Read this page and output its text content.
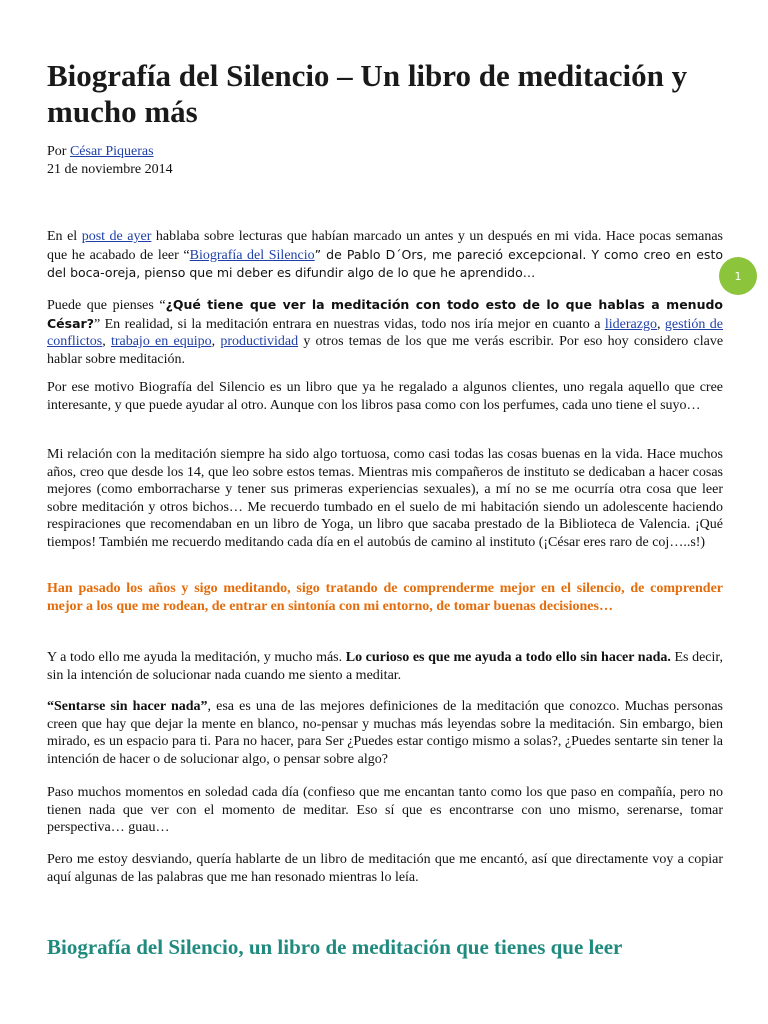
Biografía del Silencio – Un libro de meditación y mucho más
Por César Piqueras
21 de noviembre 2014
En el post de ayer hablaba sobre lecturas que habían marcado un antes y un después en mi vida. Hace pocas semanas que he acabado de leer “Biografía del Silencio” de Pablo D´Ors, me pareció excepcional. Y como creo en esto del boca-oreja, pienso que mi deber es difundir algo de lo que he aprendido…
Puede que pienses “¿Qué tiene que ver la meditación con todo esto de lo que hablas a menudo César?” En realidad, si la meditación entrara en nuestras vidas, todo nos iría mejor en cuanto a liderazgo, gestión de conflictos, trabajo en equipo, productividad y otros temas de los que me verás escribir. Por eso hoy considero clave hablar sobre meditación.
Por ese motivo Biografía del Silencio es un libro que ya he regalado a algunos clientes, uno regala aquello que cree interesante, y que puede ayudar al otro. Aunque con los libros pasa como con los perfumes, cada uno tiene el suyo…
Mi relación con la meditación siempre ha sido algo tortuosa, como casi todas las cosas buenas en la vida. Hace muchos años, creo que desde los 14, que leo sobre estos temas. Mientras mis compañeros de instituto se dedicaban a hacer cosas mejores (como emborracharse y tener sus primeras experiencias sexuales), a mí no se me ocurría otra cosa que leer sobre meditación y otros bichos… Me recuerdo tumbado en el suelo de mi habitación siendo un adolescente haciendo respiraciones que recomendaban en un libro de Yoga, un libro que sacaba prestado de la Biblioteca de Valencia. ¡Qué tiempos! También me recuerdo meditando cada día en el autobús de camino al instituto (¡César eres raro de coj…..s!)
Han pasado los años y sigo meditando, sigo tratando de comprenderme mejor en el silencio, de comprender mejor a los que me rodean, de entrar en sintonía con mi entorno, de tomar buenas decisiones…
Y a todo ello me ayuda la meditación, y mucho más. Lo curioso es que me ayuda a todo ello sin hacer nada. Es decir, sin la intención de solucionar nada cuando me siento a meditar.
“Sentarse sin hacer nada”, esa es una de las mejores definiciones de la meditación que conozco. Muchas personas creen que hay que dejar la mente en blanco, no-pensar y muchas más leyendas sobre la meditación. Sin embargo, bien mirado, es un espacio para ti. Para no hacer, para Ser ¿Puedes estar contigo mismo a solas?, ¿Puedes sentarte sin tener la intención de hacer o de solucionar algo, o pensar sobre algo?
Paso muchos momentos en soledad cada día (confieso que me encantan tanto como los que paso en compañía, pero no tienen nada que ver con el momento de meditar. Eso sí que es encontrarse con uno mismo, serenarse, tomar perspectiva… guau…
Pero me estoy desviando, quería hablarte de un libro de meditación que me encantó, así que directamente voy a copiar aquí algunas de las palabras que me han resonado mientras lo leía.
Biografía del Silencio, un libro de meditación que tienes que leer
1
